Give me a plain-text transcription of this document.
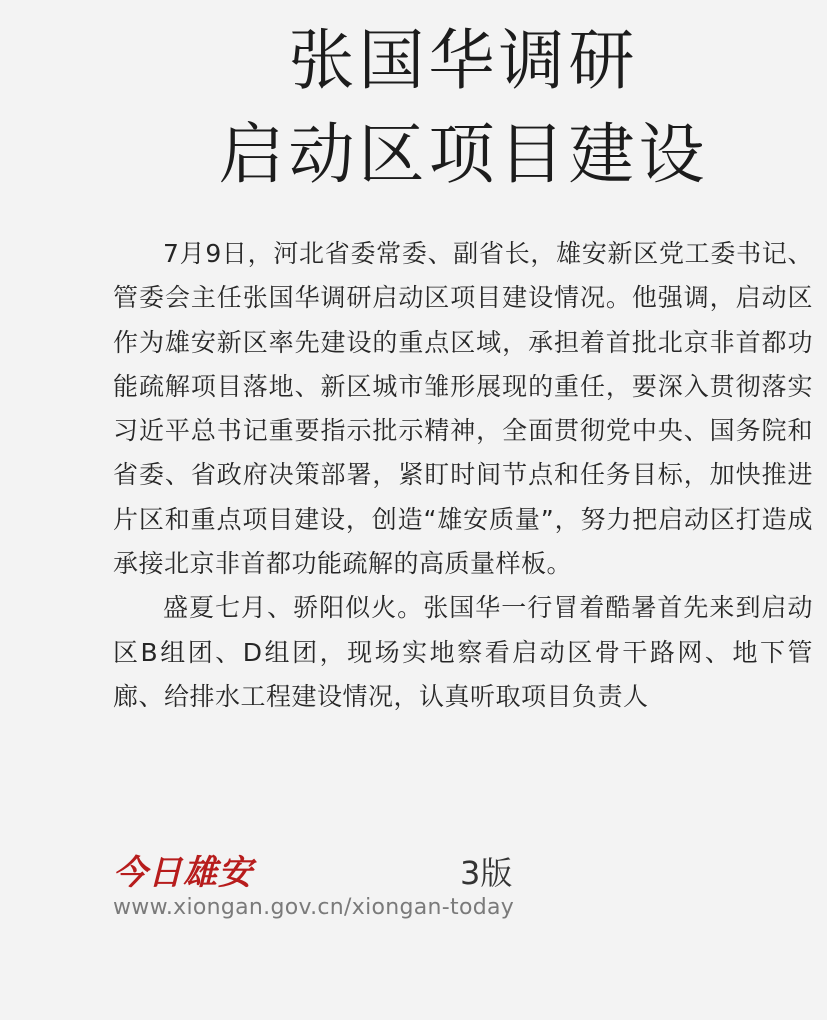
张国华调研
启动区项目建设

7月9日，河北省委常委、副省长，雄安新区党工委书记、管委会主任张国华调研启动区项目建设情况。他强调，启动区作为雄安新区率先建设的重点区域，承担着首批北京非首都功能疏解项目落地、新区城市雏形展现的重任，要深入贯彻落实习近平总书记重要指示批示精神，全面贯彻党中央、国务院和省委、省政府决策部署，紧盯时间节点和任务目标，加快推进片区和重点项目建设，创造“雄安质量”，努力把启动区打造成承接北京非首都功能疏解的高质量样板。

盛夏七月、骄阳似火。张国华一行冒着酷暑首先来到启动区B组团、D组团，现场实地察看启动区骨干路网、地下管廊、给排水工程建设情况，认真听取项目负责人

今日雄安	3版
www.xiongan.gov.cn/xiongan-today
